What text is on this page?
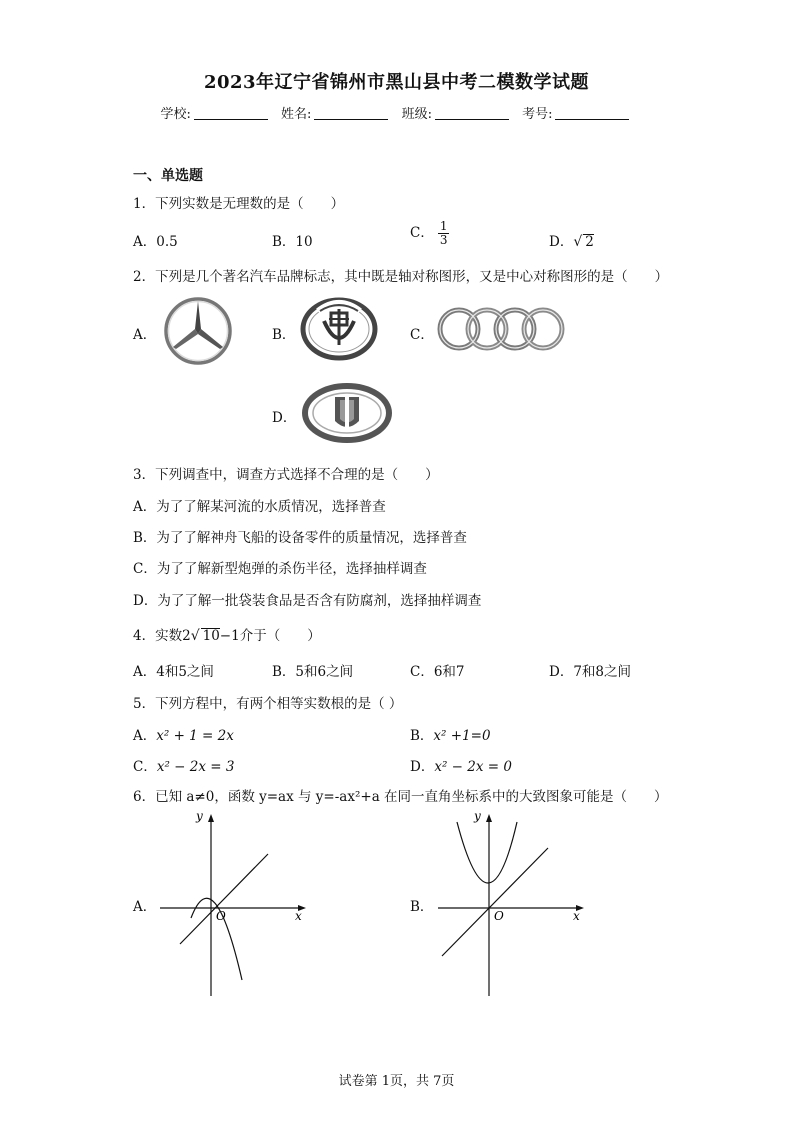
2023年辽宁省锦州市黑山县中考二模数学试题
学校:	姓名:	班级:	考号:
一、单选题
1．下列实数是无理数的是（　　）
A．0.5	B．10
C． $\frac{1}{3}$	D．√ 2
2．下列是几个著名汽车品牌标志，其中既是轴对称图形，又是中心对称图形的是（　　）
A．	B．	C．
D．
3．下列调查中，调查方式选择不合理的是（　　）
A．为了了解某河流的水质情况，选择普查
B．为了了解神舟飞船的设备零件的质量情况，选择普查
C．为了了解新型炮弹的杀伤半径，选择抽样调查
D．为了了解一批袋装食品是否含有防腐剂，选择抽样调查
4．实数2√ 10−1介于（　　）
A．4和5之间	B．5和6之间	C．6和7	D．7和8之间
5．下列方程中，有两个相等实数根的是（ ）
A．x² + 1 = 2x	B．x² +1=0
C．x² − 2x = 3	D．x² − 2x = 0
6．已知 a≠0，函数 y=ax 与 y=-ax²+a 在同一直角坐标系中的大致图象可能是（　　）
A．
x
y
O
B．
x
y
O
试卷第 1页，共 7页
